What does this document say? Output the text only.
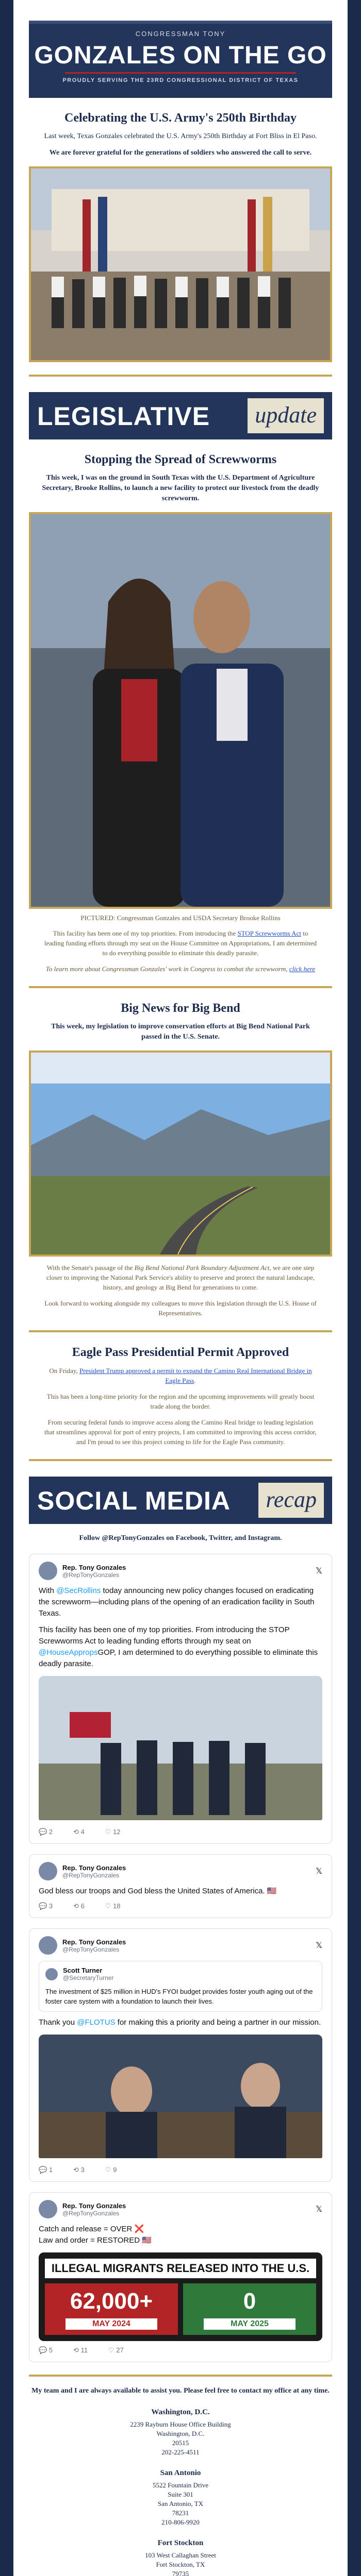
CONGRESSMAN TONY
GONZALES ON THE GO
PROUDLY SERVING THE 23RD CONGRESSIONAL DISTRICT OF TEXAS
Celebrating the U.S. Army's 250th Birthday

Last week, Texas Gonzales celebrated the U.S. Army's 250th Birthday at Fort Bliss in El Paso.

We are forever grateful for the generations of soldiers who answered the call to serve.

LEGISLATIVE	update
Stopping the Spread of Screwworms

This week, I was on the ground in South Texas with the U.S. Department of Agriculture Secretary, Brooke Rollins, to launch a new facility to protect our livestock from the deadly screwworm.

PICTURED: Congressman Gonzales and USDA Secretary Brooke Rollins

This facility has been one of my top priorities. From introducing the STOP Screwworms Act to leading funding efforts through my seat on the House Committee on Appropriations, I am determined to do everything possible to eliminate this deadly parasite.

To learn more about Congressman Gonzales' work in Congress to combat the screwworm, click here

Big News for Big Bend

This week, my legislation to improve conservation efforts at Big Bend National Park passed in the U.S. Senate.

With the Senate's passage of the Big Bend National Park Boundary Adjustment Act, we are one step closer to improving the National Park Service's ability to preserve and protect the natural landscape, history, and geology at Big Bend for generations to come.

Look forward to working alongside my colleagues to move this legislation through the U.S. House of Representatives.

Eagle Pass Presidential Permit Approved

On Friday, President Trump approved a permit to expand the Camino Real International Bridge in Eagle Pass.

This has been a long-time priority for the region and the upcoming improvements will greatly boost trade along the border.

From securing federal funds to improve access along the Camino Real bridge to leading legislation that streamlines approval for port of entry projects, I am committed to improving this access corridor, and I'm proud to see this project coming to life for the Eagle Pass community.

SOCIAL MEDIA	recap

Follow @RepTonyGonzales on Facebook, Twitter, and Instagram.

Rep. Tony Gonzales
@RepTonyGonzales	𝕏
With @SecRollins today announcing new policy changes focused on eradicating the screwworm—including plans of the opening of an eradication facility in South Texas.
This facility has been one of my top priorities. From introducing the STOP Screwworms Act to leading funding efforts through my seat on @HouseAppropsGOP, I am determined to do everything possible to eliminate this deadly parasite.
💬 2	⟲ 4	♡ 12
Rep. Tony Gonzales
@RepTonyGonzales	𝕏
God bless our troops and God bless the United States of America. 🇺🇸
💬 3	⟲ 6	♡ 18
Rep. Tony Gonzales
@RepTonyGonzales	𝕏
Scott Turner
@SecretaryTurner
The investment of $25 million in HUD's FYOI budget provides foster youth aging out of the foster care system with a foundation to launch their lives.
Thank you @FLOTUS for making this a priority and being a partner in our mission.
💬 1	⟲ 3	♡ 9
Rep. Tony Gonzales
@RepTonyGonzales	𝕏
Catch and release = OVER ❌
Law and order = RESTORED 🇺🇸
ILLEGAL MIGRANTS RELEASED INTO THE U.S.
62,000+
MAY 2024
0
MAY 2025
💬 5	⟲ 11	♡ 27

My team and I are always available to assist you. Please feel free to contact my office at any time.

Washington, D.C.
2239 Rayburn House Office Building
Washington, D.C.
20515
202-225-4511
San Antonio
5522 Fountain Drive
Suite 301
San Antonio, TX
78231
210-806-9920
Fort Stockton
103 West Callaghan Street
Fort Stockton, TX
79735
